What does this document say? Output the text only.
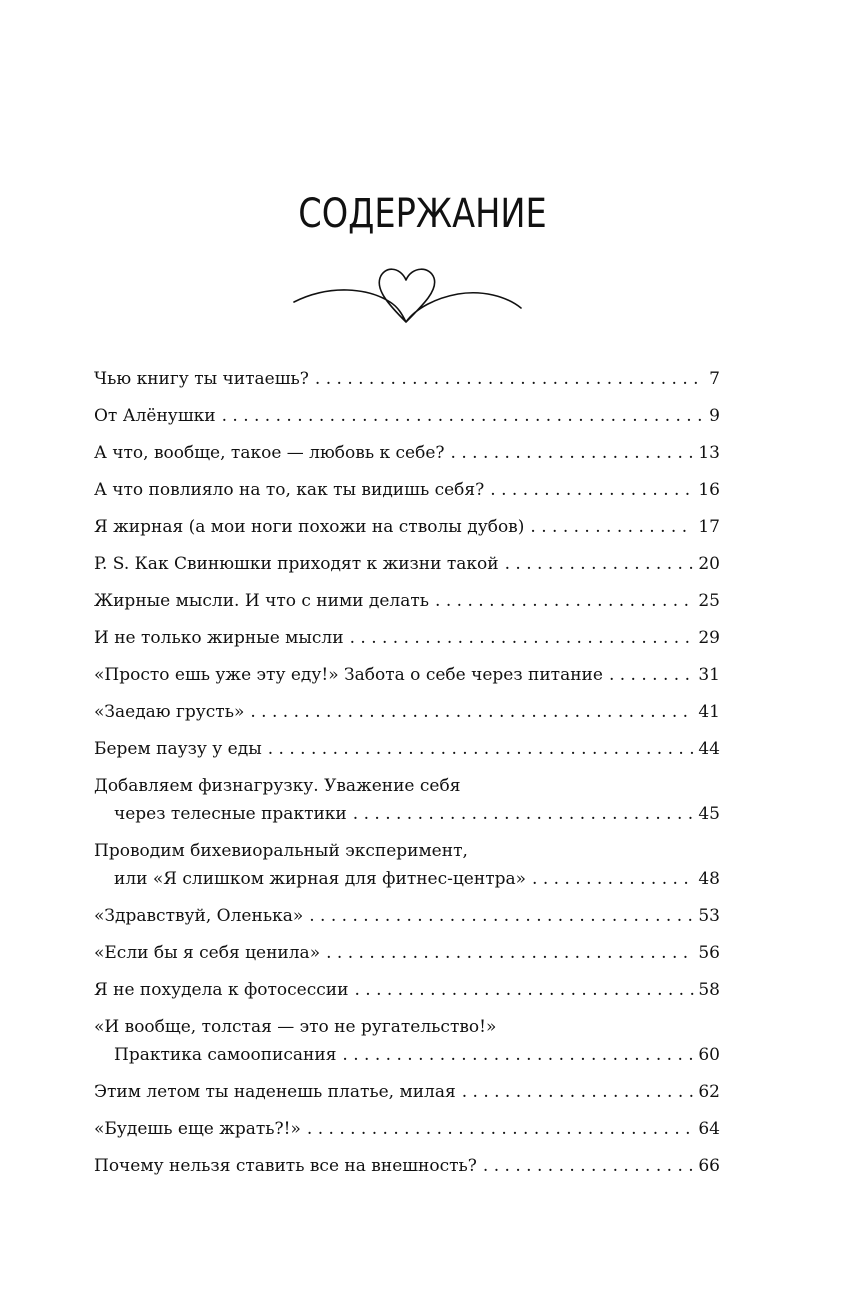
СОДЕРЖАНИЕ
Чью книгу ты читаешь? . . .	7
От Алёнушки . . .	9
А что, вообще, такое — любовь к себе? . . .	13
А что повлияло на то, как ты видишь себя? . . .	16
Я жирная (а мои ноги похожи на стволы дубов) . . .	17
P. S. Как Свинюшки приходят к жизни такой . . .	20
Жирные мысли. И что с ними делать . . .	25
И не только жирные мысли . . .	29
«Просто ешь уже эту еду!» Забота о себе через питание . . .	31
«Заедаю грусть» . . .	41
Берем паузу у еды . . .	44
Добавляем физнагрузку. Уважение себя
через телесные практики . . .	45
Проводим бихевиоральный эксперимент,
или «Я слишком жирная для фитнес-центра» . . .	48
«Здравствуй, Оленька» . . .	53
«Если бы я себя ценила» . . .	56
Я не похудела к фотосессии . . .	58
«И вообще, толстая — это не ругательство!»
Практика самоописания . . .	60
Этим летом ты наденешь платье, милая . . .	62
«Будешь еще жрать?!» . . .	64
Почему нельзя ставить все на внешность? . . .	66
